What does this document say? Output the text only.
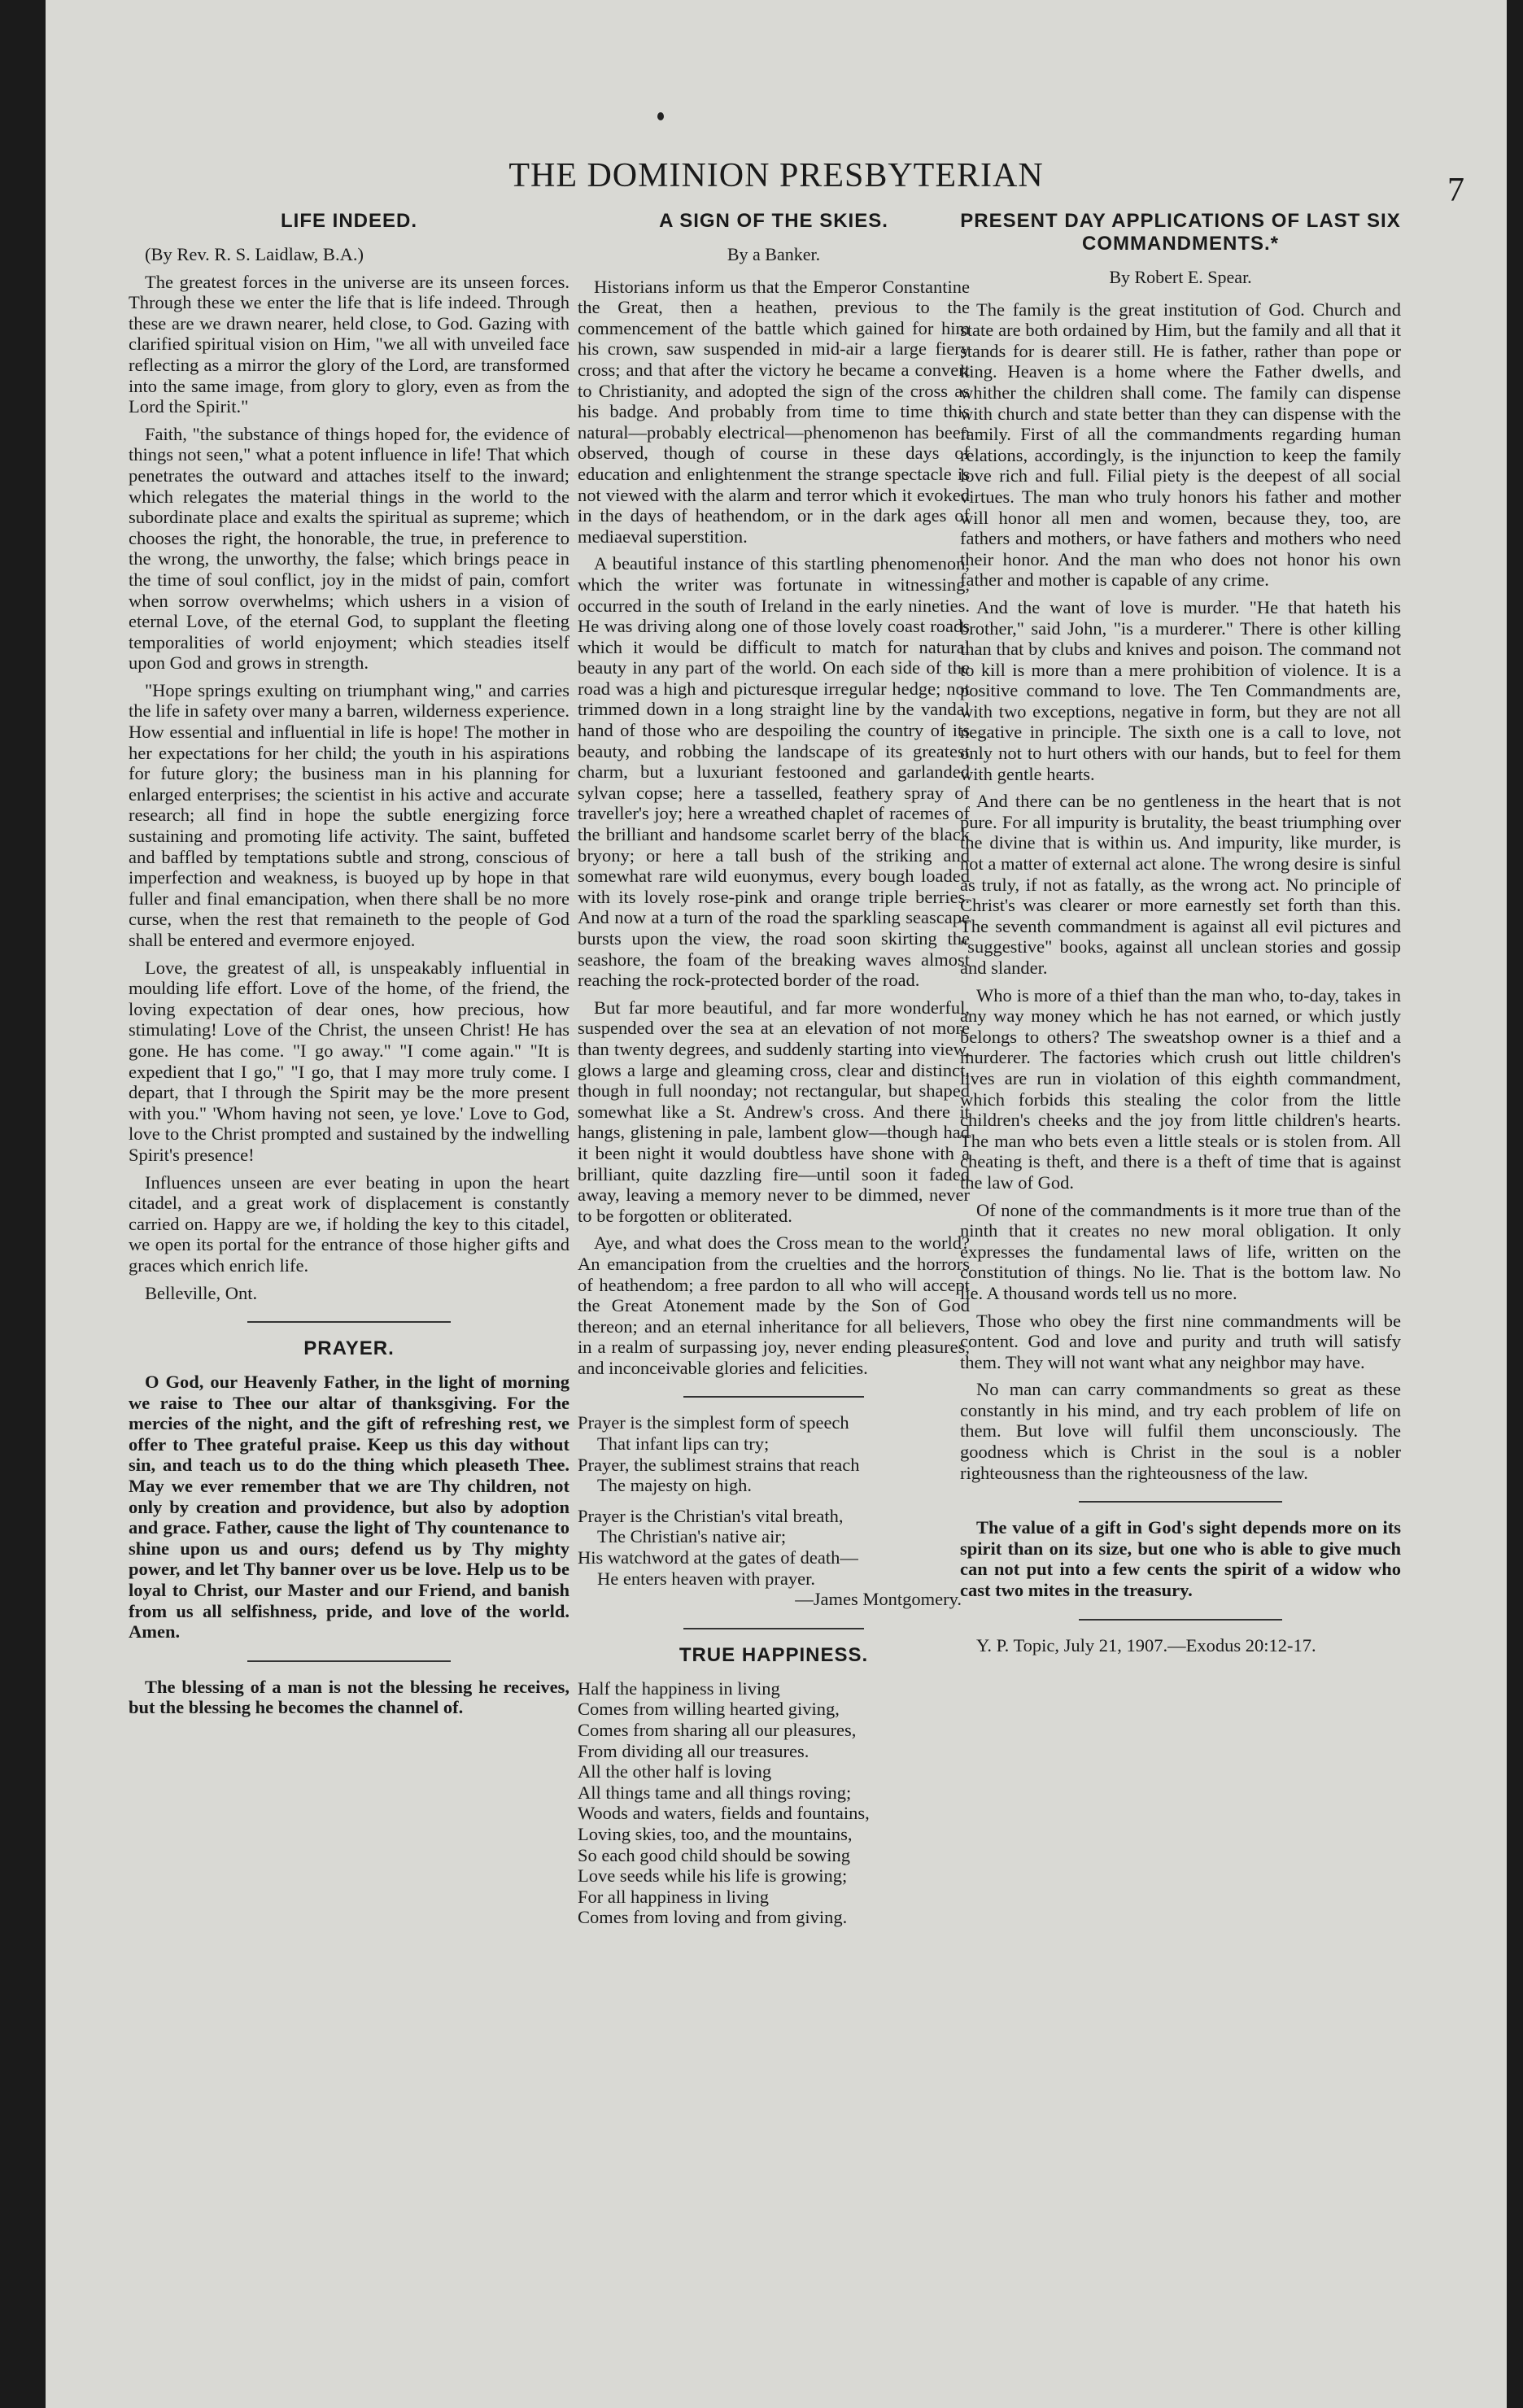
THE DOMINION PRESBYTERIAN	7
LIFE INDEED.

(By Rev. R. S. Laidlaw, B.A.)

The greatest forces in the universe are its unseen forces. Through these we enter the life that is life indeed. Through these are we drawn nearer, held close, to God. Gazing with clarified spiritual vision on Him, "we all with unveiled face reflecting as a mirror the glory of the Lord, are transformed into the same image, from glory to glory, even as from the Lord the Spirit."

Faith, "the substance of things hoped for, the evidence of things not seen," what a potent influence in life! That which penetrates the outward and attaches itself to the inward; which relegates the material things in the world to the subordinate place and exalts the spiritual as supreme; which chooses the right, the honorable, the true, in preference to the wrong, the unworthy, the false; which brings peace in the time of soul conflict, joy in the midst of pain, comfort when sorrow overwhelms; which ushers in a vision of eternal Love, of the eternal God, to supplant the fleeting temporalities of world enjoyment; which steadies itself upon God and grows in strength.

"Hope springs exulting on triumphant wing," and carries the life in safety over many a barren, wilderness experience. How essential and influential in life is hope! The mother in her expectations for her child; the youth in his aspirations for future glory; the business man in his planning for enlarged enterprises; the scientist in his active and accurate research; all find in hope the subtle energizing force sustaining and promoting life activity. The saint, buffeted and baffled by temptations subtle and strong, conscious of imperfection and weakness, is buoyed up by hope in that fuller and final emancipation, when there shall be no more curse, when the rest that remaineth to the people of God shall be entered and evermore enjoyed.

Love, the greatest of all, is unspeakably influential in moulding life effort. Love of the home, of the friend, the loving expectation of dear ones, how precious, how stimulating! Love of the Christ, the unseen Christ! He has gone. He has come. "I go away." "I come again." "It is expedient that I go," "I go, that I may more truly come. I depart, that I through the Spirit may be the more present with you." 'Whom having not seen, ye love.' Love to God, love to the Christ prompted and sustained by the indwelling Spirit's presence!

Influences unseen are ever beating in upon the heart citadel, and a great work of displacement is constantly carried on. Happy are we, if holding the key to this citadel, we open its portal for the entrance of those higher gifts and graces which enrich life.

Belleville, Ont.

PRAYER.

O God, our Heavenly Father, in the light of morning we raise to Thee our altar of thanksgiving. For the mercies of the night, and the gift of refreshing rest, we offer to Thee grateful praise. Keep us this day without sin, and teach us to do the thing which pleaseth Thee. May we ever remember that we are Thy children, not only by creation and providence, but also by adoption and grace. Father, cause the light of Thy countenance to shine upon us and ours; defend us by Thy mighty power, and let Thy banner over us be love. Help us to be loyal to Christ, our Master and our Friend, and banish from us all selfishness, pride, and love of the world. Amen.

The blessing of a man is not the blessing he receives, but the blessing he becomes the channel of.

A SIGN OF THE SKIES.
By a Banker.

Historians inform us that the Emperor Constantine the Great, then a heathen, previous to the commencement of the battle which gained for him his crown, saw suspended in mid-air a large fiery cross; and that after the victory he became a convert to Christianity, and adopted the sign of the cross as his badge. And probably from time to time this natural—probably electrical—phenomenon has been observed, though of course in these days of education and enlightenment the strange spectacle is not viewed with the alarm and terror which it evoked in the days of heathendom, or in the dark ages of mediaeval superstition.

A beautiful instance of this startling phenomenon, which the writer was fortunate in witnessing, occurred in the south of Ireland in the early nineties. He was driving along one of those lovely coast roads which it would be difficult to match for natural beauty in any part of the world. On each side of the road was a high and picturesque irregular hedge; not trimmed down in a long straight line by the vandal hand of those who are despoiling the country of its beauty, and robbing the landscape of its greatest charm, but a luxuriant festooned and garlanded sylvan copse; here a tasselled, feathery spray of traveller's joy; here a wreathed chaplet of racemes of the brilliant and handsome scarlet berry of the black bryony; or here a tall bush of the striking and somewhat rare wild euonymus, every bough loaded with its lovely rose-pink and orange triple berries. And now at a turn of the road the sparkling seascape bursts upon the view, the road soon skirting the seashore, the foam of the breaking waves almost reaching the rock-protected border of the road.

But far more beautiful, and far more wonderful, suspended over the sea at an elevation of not more than twenty degrees, and suddenly starting into view, glows a large and gleaming cross, clear and distinct, though in full noonday; not rectangular, but shaped somewhat like a St. Andrew's cross. And there it hangs, glistening in pale, lambent glow—though had it been night it would doubtless have shone with a brilliant, quite dazzling fire—until soon it faded away, leaving a memory never to be dimmed, never to be forgotten or obliterated.

Aye, and what does the Cross mean to the world? An emancipation from the cruelties and the horrors of heathendom; a free pardon to all who will accept the Great Atonement made by the Son of God thereon; and an eternal inheritance for all believers, in a realm of surpassing joy, never ending pleasures, and inconceivable glories and felicities.

Prayer is the simplest form of speech
That infant lips can try;
Prayer, the sublimest strains that reach
The majesty on high.
Prayer is the Christian's vital breath,
The Christian's native air;
His watchword at the gates of death—
He enters heaven with prayer.
—James Montgomery.
TRUE HAPPINESS.
Half the happiness in living
Comes from willing hearted giving,
Comes from sharing all our pleasures,
From dividing all our treasures.
All the other half is loving
All things tame and all things roving;
Woods and waters, fields and fountains,
Loving skies, too, and the mountains,
So each good child should be sowing
Love seeds while his life is growing;
For all happiness in living
Comes from loving and from giving.
PRESENT DAY APPLICATIONS OF LAST SIX COMMANDMENTS.*
By Robert E. Spear.

The family is the great institution of God. Church and state are both ordained by Him, but the family and all that it stands for is dearer still. He is father, rather than pope or king. Heaven is a home where the Father dwells, and whither the children shall come. The family can dispense with church and state better than they can dispense with the family. First of all the commandments regarding human relations, accordingly, is the injunction to keep the family love rich and full. Filial piety is the deepest of all social virtues. The man who truly honors his father and mother will honor all men and women, because they, too, are fathers and mothers, or have fathers and mothers who need their honor. And the man who does not honor his own father and mother is capable of any crime.

And the want of love is murder. "He that hateth his brother," said John, "is a murderer." There is other killing than that by clubs and knives and poison. The command not to kill is more than a mere prohibition of violence. It is a positive command to love. The Ten Commandments are, with two exceptions, negative in form, but they are not all negative in principle. The sixth one is a call to love, not only not to hurt others with our hands, but to feel for them with gentle hearts.

And there can be no gentleness in the heart that is not pure. For all impurity is brutality, the beast triumphing over the divine that is within us. And impurity, like murder, is not a matter of external act alone. The wrong desire is sinful as truly, if not as fatally, as the wrong act. No principle of Christ's was clearer or more earnestly set forth than this. The seventh commandment is against all evil pictures and "suggestive" books, against all unclean stories and gossip and slander.

Who is more of a thief than the man who, to-day, takes in any way money which he has not earned, or which justly belongs to others? The sweatshop owner is a thief and a murderer. The factories which crush out little children's lives are run in violation of this eighth commandment, which forbids this stealing the color from the little children's cheeks and the joy from little children's hearts. The man who bets even a little steals or is stolen from. All cheating is theft, and there is a theft of time that is against the law of God.

Of none of the commandments is it more true than of the ninth that it creates no new moral obligation. It only expresses the fundamental laws of life, written on the constitution of things. No lie. That is the bottom law. No lie. A thousand words tell us no more.

Those who obey the first nine commandments will be content. God and love and purity and truth will satisfy them. They will not want what any neighbor may have.

No man can carry commandments so great as these constantly in his mind, and try each problem of life on them. But love will fulfil them unconsciously. The goodness which is Christ in the soul is a nobler righteousness than the righteousness of the law.

The value of a gift in God's sight depends more on its spirit than on its size, but one who is able to give much can not put into a few cents the spirit of a widow who cast two mites in the treasury.

Y. P. Topic, July 21, 1907.—Exodus 20:12-17.
